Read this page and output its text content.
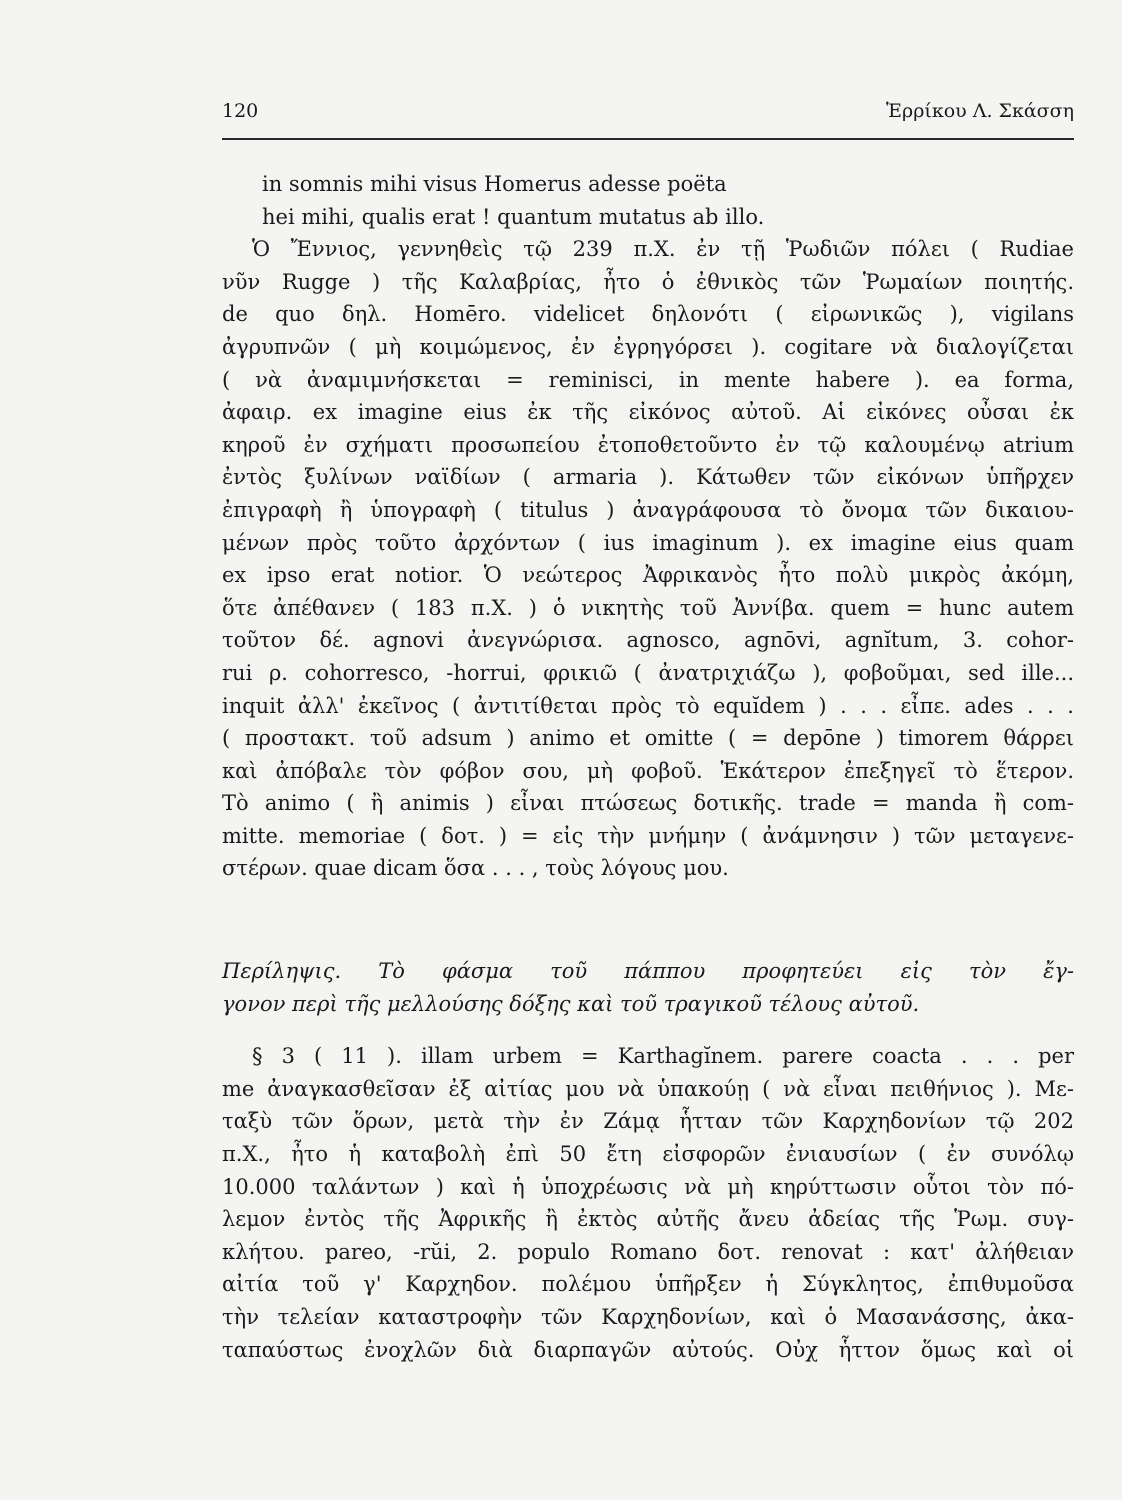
120	Ἑρρίκου Λ. Σκάσση
in somnis mihi visus Homerus adesse poëta
hei mihi, qualis erat ! quantum mutatus ab illo.
Ὁ Ἔννιος, γεννηθεὶς τῷ 239 π.Χ. ἐν τῇ Ῥωδιῶν πόλει ( Rudiae
νῦν Rugge ) τῆς Καλαβρίας, ἦτο ὁ ἐθνικὸς τῶν Ῥωμαίων ποιητής.
de quo δηλ. Homēro. videlicet δηλονότι ( εἰρωνικῶς ), vigilans
ἀγρυπνῶν ( μὴ κοιμώμενος, ἐν ἐγρηγόρσει ). cogitare νὰ διαλογίζεται
( νὰ ἀναμιμνήσκεται = reminisci, in mente habere ). ea forma,
ἀφαιρ. ex imagine eius ἐκ τῆς εἰκόνος αὐτοῦ. Αἱ εἰκόνες οὖσαι ἐκ
κηροῦ ἐν σχήματι προσωπείου ἐτοποθετοῦντο ἐν τῷ καλουμένῳ atrium
ἐντὸς ξυλίνων ναϊδίων ( armaria ). Κάτωθεν τῶν εἰκόνων ὑπῆρχεν
ἐπιγραφὴ ἢ ὑπογραφὴ ( titulus ) ἀναγράφουσα τὸ ὄνομα τῶν δικαιου-
μένων πρὸς τοῦτο ἀρχόντων ( ius imaginum ). ex imagine eius quam
ex ipso erat notior. Ὁ νεώτερος Ἀφρικανὸς ἦτο πολὺ μικρὸς ἀκόμη,
ὅτε ἀπέθανεν ( 183 π.Χ. ) ὁ νικητὴς τοῦ Ἀννίβα. quem = hunc autem
τοῦτον δέ. agnovi ἀνεγνώρισα. agnosco, agnōvi, agnĭtum, 3. cohor-
rui ρ. cohorresco, -horrui, φρικιῶ ( ἀνατριχιάζω ), φοβοῦμαι, sed ille...
inquit ἀλλ' ἐκεῖνος ( ἀντιτίθεται πρὸς τὸ equĭdem ) . . . εἶπε. ades . . .
( προστακτ. τοῦ adsum ) animo et omitte ( = depōne ) timorem θάρρει
καὶ ἀπόβαλε τὸν φόβον σου, μὴ φοβοῦ. Ἑκάτερον ἐπεξηγεῖ τὸ ἕτερον.
Τὸ animo ( ἢ animis ) εἶναι πτώσεως δοτικῆς. trade = manda ἢ com-
mitte. memoriae ( δοτ. ) = εἰς τὴν μνήμην ( ἀνάμνησιν ) τῶν μεταγενε-
στέρων. quae dicam ὅσα . . . , τοὺς λόγους μου.
Περίληψις. Τὸ φάσμα τοῦ πάππου προφητεύει εἰς τὸν ἔγ-
γονον περὶ τῆς μελλούσης δόξης καὶ τοῦ τραγικοῦ τέλους αὐτοῦ.
§ 3 ( 11 ). illam urbem = Karthagĭnem. parere coacta . . . per
me ἀναγκασθεῖσαν ἐξ αἰτίας μου νὰ ὑπακούῃ ( νὰ εἶναι πειθήνιος ). Με-
ταξὺ τῶν ὅρων, μετὰ τὴν ἐν Ζάμᾳ ἧτταν τῶν Καρχηδονίων τῷ 202
π.Χ., ἦτο ἡ καταβολὴ ἐπὶ 50 ἔτη εἰσφορῶν ἐνιαυσίων ( ἐν συνόλῳ
10.000 ταλάντων ) καὶ ἡ ὑποχρέωσις νὰ μὴ κηρύττωσιν οὗτοι τὸν πό-
λεμον ἐντὸς τῆς Ἀφρικῆς ἢ ἐκτὸς αὐτῆς ἄνευ ἀδείας τῆς Ῥωμ. συγ-
κλήτου. pareo, -rŭi, 2. populo Romano δοτ. renovat : κατ' ἀλήθειαν
αἰτία τοῦ γ' Καρχηδον. πολέμου ὑπῆρξεν ἡ Σύγκλητος, ἐπιθυμοῦσα
τὴν τελείαν καταστροφὴν τῶν Καρχηδονίων, καὶ ὁ Μασανάσσης, ἀκα-
ταπαύστως ἐνοχλῶν διὰ διαρπαγῶν αὐτούς. Οὐχ ἧττον ὅμως καὶ οἱ
